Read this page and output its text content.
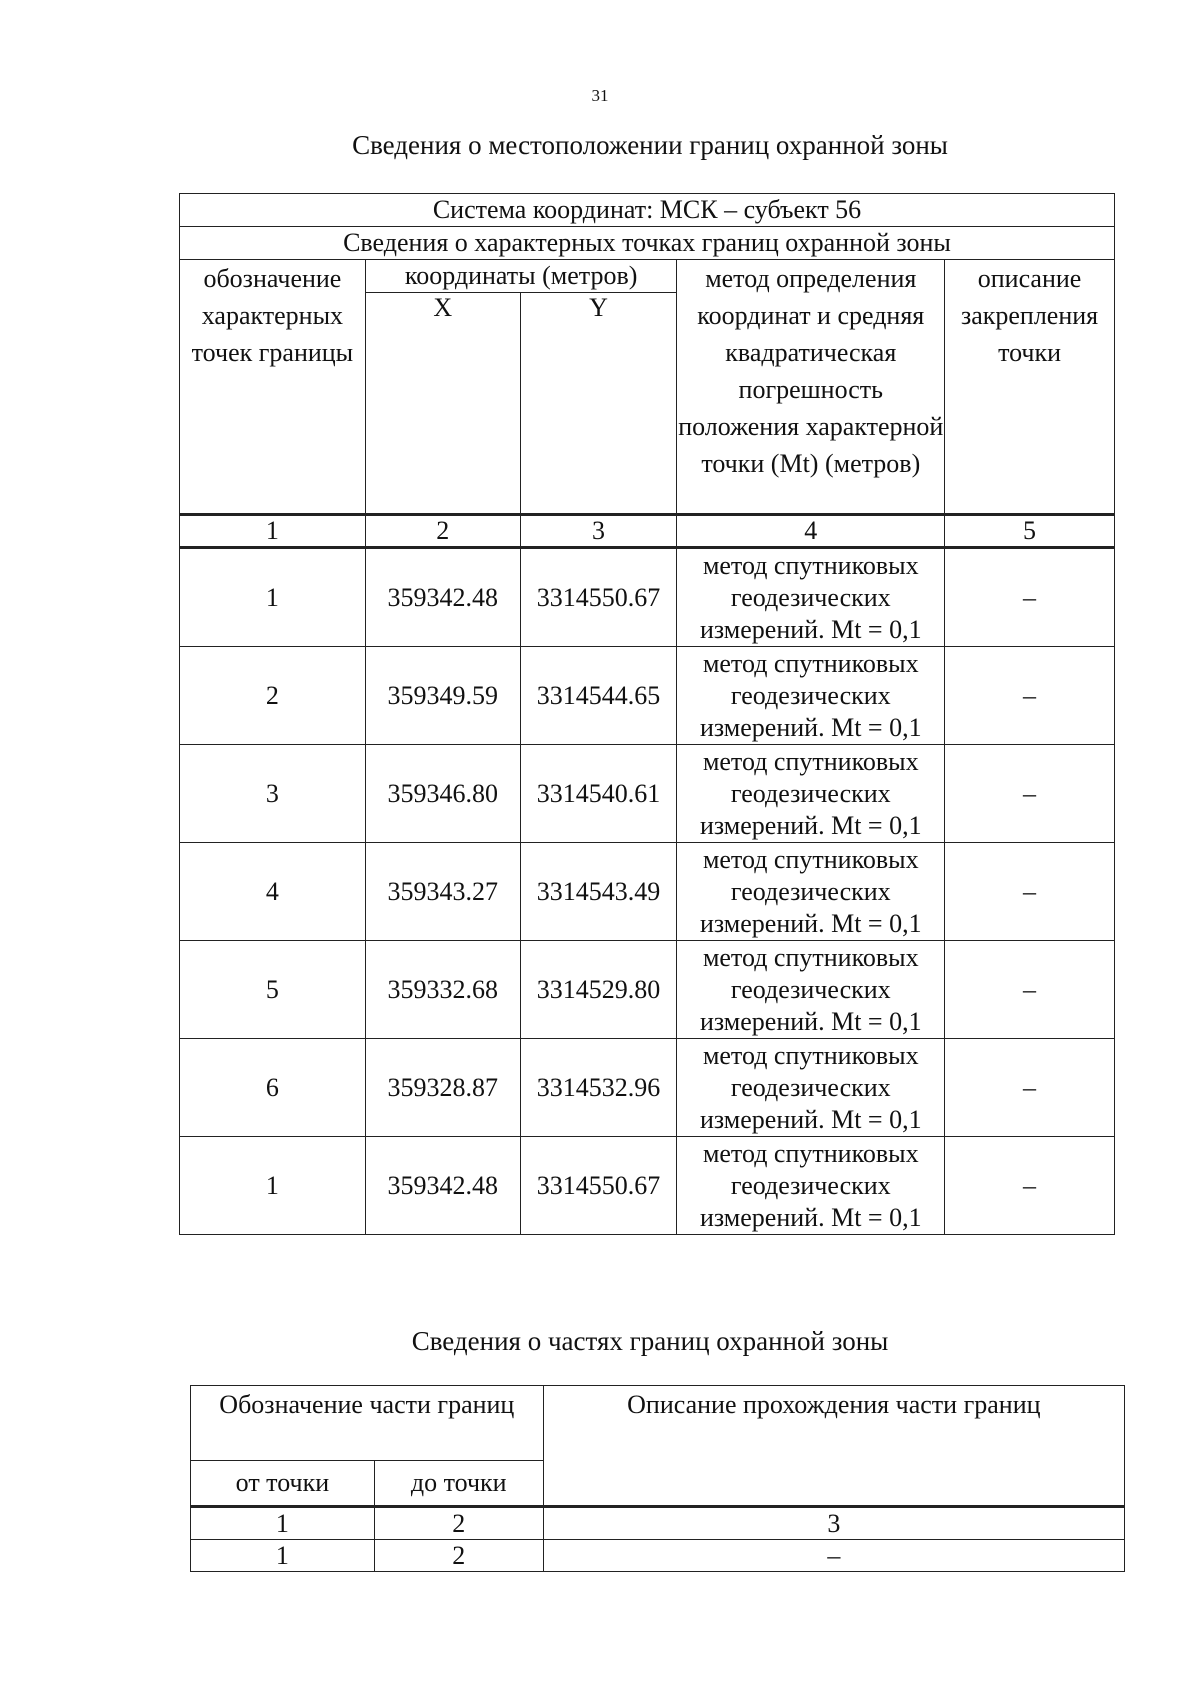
31
Сведения о местоположении границ охранной зоны
Система координат: МСК – субъект 56				
Сведения о характерных точках границ охранной зоны				

обозначение характерных точек границы	координаты (метров)		метод определения координат и средняя квадратическая погрешность положения характерной точки (Mt) (метров)	описание закрепления точки

	X	Y		
1	2	3	4	5
1	359342.48	3314550.67	метод спутниковых геодезических измерений. Mt = 0,1	–
2	359349.59	3314544.65	метод спутниковых геодезических измерений. Mt = 0,1	–
3	359346.80	3314540.61	метод спутниковых геодезических измерений. Mt = 0,1	–
4	359343.27	3314543.49	метод спутниковых геодезических измерений. Mt = 0,1	–
5	359332.68	3314529.80	метод спутниковых геодезических измерений. Mt = 0,1	–
6	359328.87	3314532.96	метод спутниковых геодезических измерений. Mt = 0,1	–
1	359342.48	3314550.67	метод спутниковых геодезических измерений. Mt = 0,1	–
Сведения о частях границ охранной зоны
Обозначение части границ		Описание прохождения части границ
от точки	до точки	
1	2	3
1	2	–
